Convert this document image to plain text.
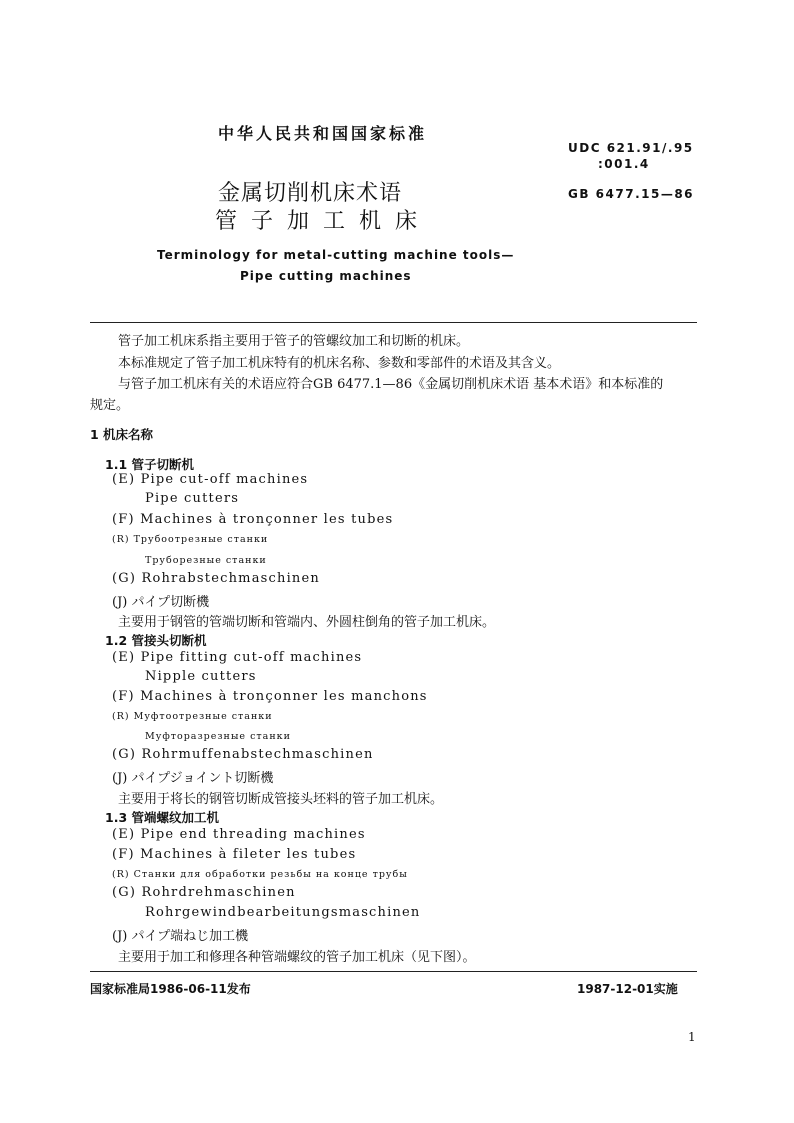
中华人民共和国国家标准
UDC 621.91/.95
:001.4
GB 6477.15—86
金属切削机床术语
管子加工机床
Terminology for metal-cutting machine tools—
Pipe cutting machines
管子加工机床系指主要用于管子的管螺纹加工和切断的机床。
本标准规定了管子加工机床特有的机床名称、参数和零部件的术语及其含义。
与管子加工机床有关的术语应符合GB 6477.1—86《金属切削机床术语 基本术语》和本标准的
规定。
1 机床名称
1.1 管子切断机
(E) Pipe cut-off machines
Pipe cutters
(F) Machines à tronçonner les tubes
(R) Трубоотрезные станки
Труборезные станки
(G) Rohrabstechmaschinen
(J) パイプ切断機
主要用于钢管的管端切断和管端内、外圆柱倒角的管子加工机床。
1.2 管接头切断机
(E) Pipe fitting cut-off machines
Nipple cutters
(F) Machines à tronçonner les manchons
(R) Муфтоотрезные станки
Муфторазрезные станки
(G) Rohrmuffenabstechmaschinen
(J) パイプジョイント切断機
主要用于将长的钢管切断成管接头坯料的管子加工机床。
1.3 管端螺纹加工机
(E) Pipe end threading machines
(F) Machines à fileter les tubes
(R) Станки для обработки резьбы на конце трубы
(G) Rohrdrehmaschinen
Rohrgewindbearbeitungsmaschinen
(J) パイプ端ねじ加工機
主要用于加工和修理各种管端螺纹的管子加工机床（见下图）。
国家标准局1986-06-11发布	1987-12-01实施
1
